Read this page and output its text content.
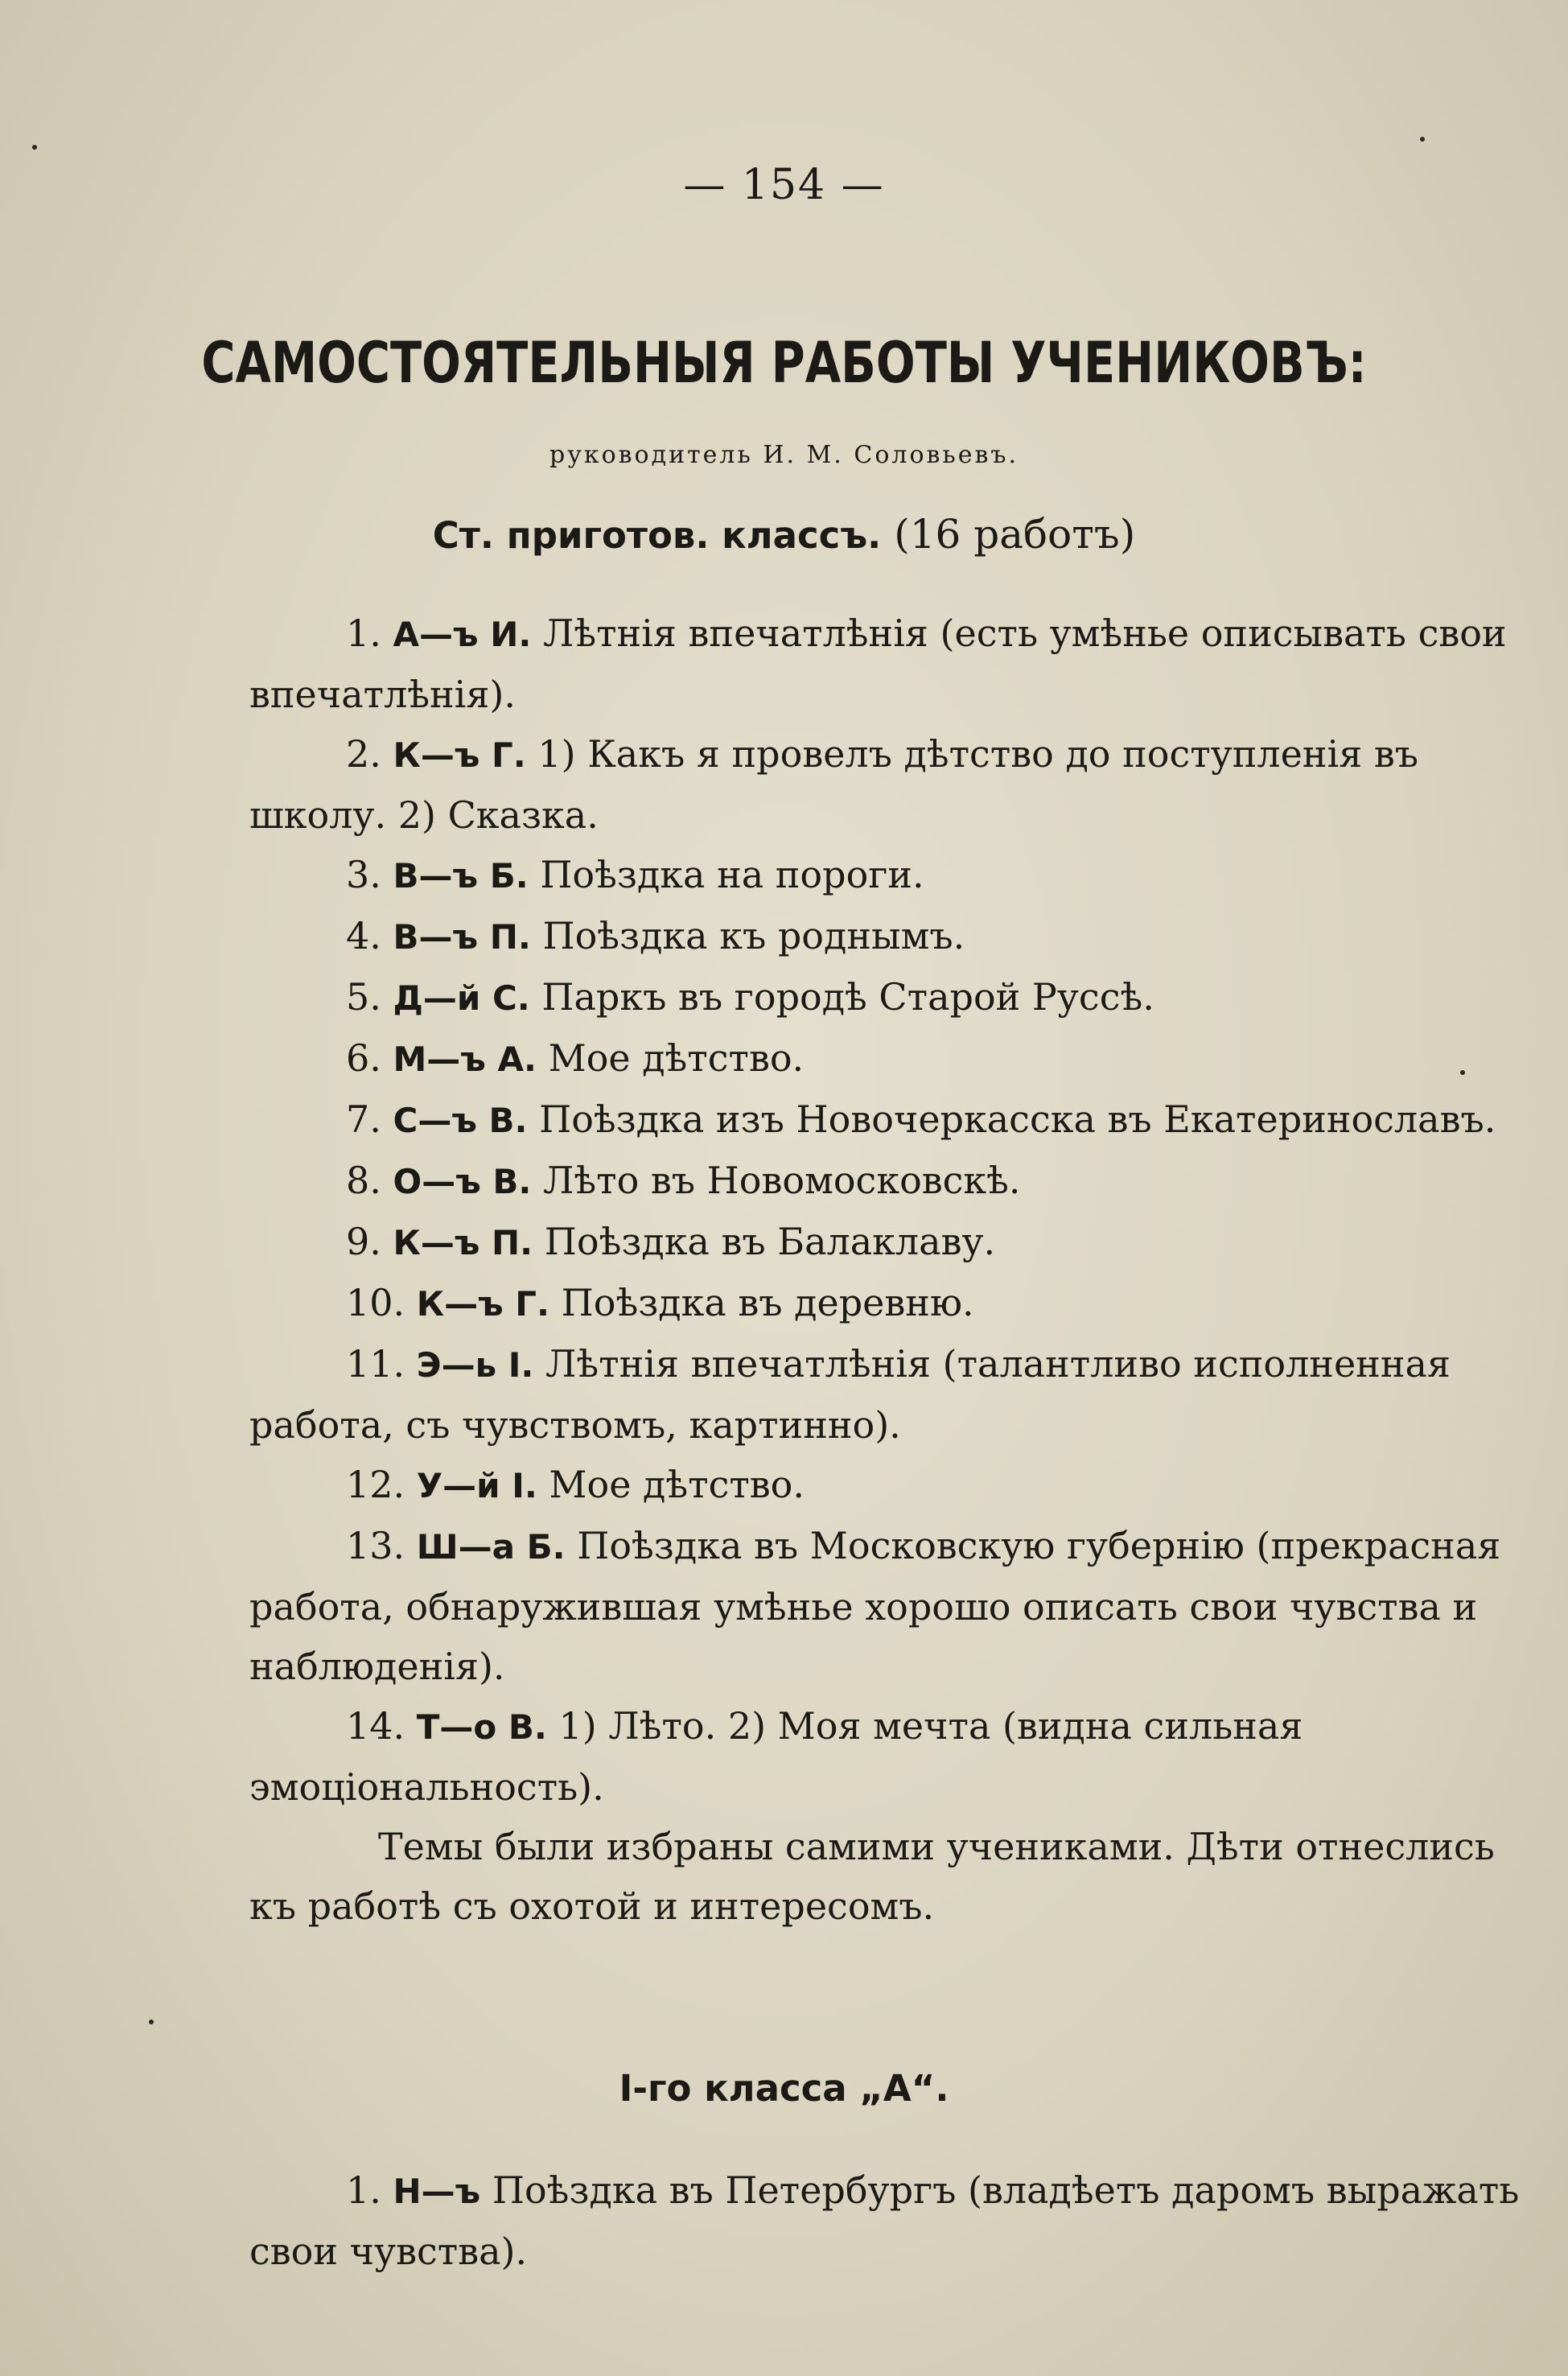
— 154 —
САМОСТОЯТЕЛЬНЫЯ РАБОТЫ УЧЕНИКОВЪ:
руководитель И. М. Соловьевъ.
Ст. приготов. классъ. (16 работъ)

1. А—ъ И. Лѣтнія впечатлѣнія (есть умѣнье описывать свои впечатлѣнія).

2. К—ъ Г. 1) Какъ я провелъ дѣтство до поступленія въ школу. 2) Сказка.

3. В—ъ Б. Поѣздка на пороги.

4. В—ъ П. Поѣздка къ роднымъ.

5. Д—й С. Паркъ въ городѣ Старой Руссѣ.

6. М—ъ А. Мое дѣтство.

7. С—ъ В. Поѣздка изъ Новочеркасска въ Екатеринославъ.

8. О—ъ В. Лѣто въ Новомосковскѣ.

9. К—ъ П. Поѣздка въ Балаклаву.

10. К—ъ Г. Поѣздка въ деревню.

11. Э—ь I. Лѣтнія впечатлѣнія (талантливо исполненная работа, съ чувствомъ, картинно).

12. У—й I. Мое дѣтство.

13. Ш—а Б. Поѣздка въ Московскую губернію (прекрасная работа, обнаружившая умѣнье хорошо описать свои чувства и наблюденія).

14. Т—о В. 1) Лѣто. 2) Моя мечта (видна сильная эмоціональность).

Темы были избраны самими учениками. Дѣти отнеслись къ работѣ съ охотой и интересомъ.

I-го класса „А“.

1. Н—ъ Поѣздка въ Петербургъ (владѣетъ даромъ выражать свои чувства).
